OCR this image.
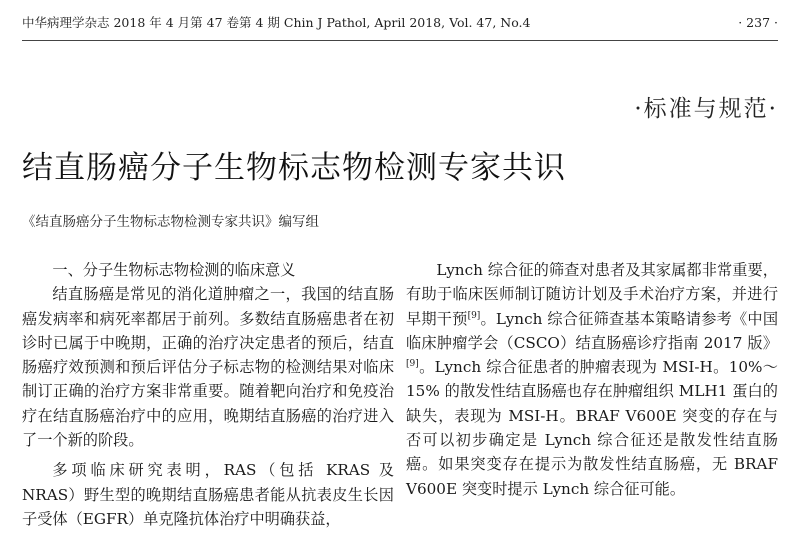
中华病理学杂志 2018 年 4 月第 47 卷第 4 期 Chin J Pathol, April 2018, Vol. 47, No.4	· 237 ·
·标准与规范·
结直肠癌分子生物标志物检测专家共识
《结直肠癌分子生物标志物检测专家共识》编写组
一、分子生物标志物检测的临床意义

结直肠癌是常见的消化道肿瘤之一，我国的结直肠癌发病率和病死率都居于前列。多数结直肠癌患者在初诊时已属于中晚期，正确的治疗决定患者的预后，结直肠癌疗效预测和预后评估分子标志物的检测结果对临床制订正确的治疗方案非常重要。随着靶向治疗和免疫治疗在结直肠癌治疗中的应用，晚期结直肠癌的治疗进入了一个新的阶段。

多项临床研究表明，RAS（包括 KRAS 及 NRAS）野生型的晚期结直肠癌患者能从抗表皮生长因子受体（EGFR）单克隆抗体治疗中明确获益，

Lynch 综合征的筛查对患者及其家属都非常重要，有助于临床医师制订随访计划及手术治疗方案，并进行早期干预[9]。Lynch 综合征筛查基本策略请参考《中国临床肿瘤学会（CSCO）结直肠癌诊疗指南 2017 版》[9]。Lynch 综合征患者的肿瘤表现为 MSI-H。10%～15% 的散发性结直肠癌也存在肿瘤组织 MLH1 蛋白的缺失，表现为 MSI-H。BRAF V600E 突变的存在与否可以初步确定是 Lynch 综合征还是散发性结直肠癌。如果突变存在提示为散发性结直肠癌，无 BRAF V600E 突变时提示 Lynch 综合征可能。
